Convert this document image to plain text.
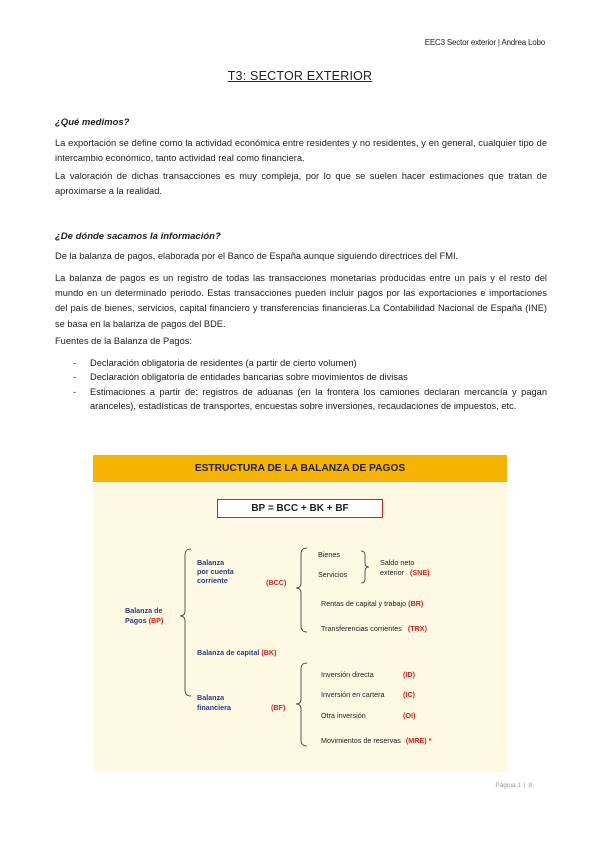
EEC3 Sector exterior | Andrea Lobo
T3: SECTOR EXTERIOR
¿Qué medimos?

La exportación se define como la actividad económica entre residentes y no residentes, y en general, cualquier tipo de intercambio económico, tanto actividad real como financiera.

La valoración de dichas transacciones es muy compleja, por lo que se suelen hacer estimaciones que tratan de aproximarse a la realidad.

¿De dónde sacamos la información?

De la balanza de pagos, elaborada por el Banco de España aunque siguiendo directrices del FMI.

La balanza de pagos es un registro de todas las transacciones monetarias producidas entre un país y el resto del mundo en un determinado periodo. Estas transacciones pueden incluir pagos por las exportaciones e importaciones del país de bienes, servicios, capital financiero y transferencias financieras.La Contabilidad Nacional de España (INE) se basa en la balanza de pagos del BDE.

Fuentes de la Balanza de Pagos:

- Declaración obligatoria de residentes (a partir de cierto volumen)
- Declaración obligatoria de entidades bancarias sobre movimientos de divisas
- Estimaciones a partir de: registros de aduanas (en la frontera los camiones declaran mercancía y pagan aranceles), estadísticas de transportes, encuestas sobre inversiones, recaudaciones de impuestos, etc.
ESTRUCTURA DE LA BALANZA DE PAGOS
BP = BCC + BK + BF
Balanza de
Pagos (BP)
Balanza
por cuenta
corriente	(BCC)
Bienes
Servicios
Saldo neto
exterior (SNE)
Rentas de capital y trabajo (BR)
Transferencias corrientes (TRX)
Balanza de capital (BK)
Balanza
financiera	(BF)
Inversión directa	(ID)
Inversión en cartera	(IC)
Otra inversión	(OI)
Movimientos de reservas (MRE) *
Página 1 | 8
